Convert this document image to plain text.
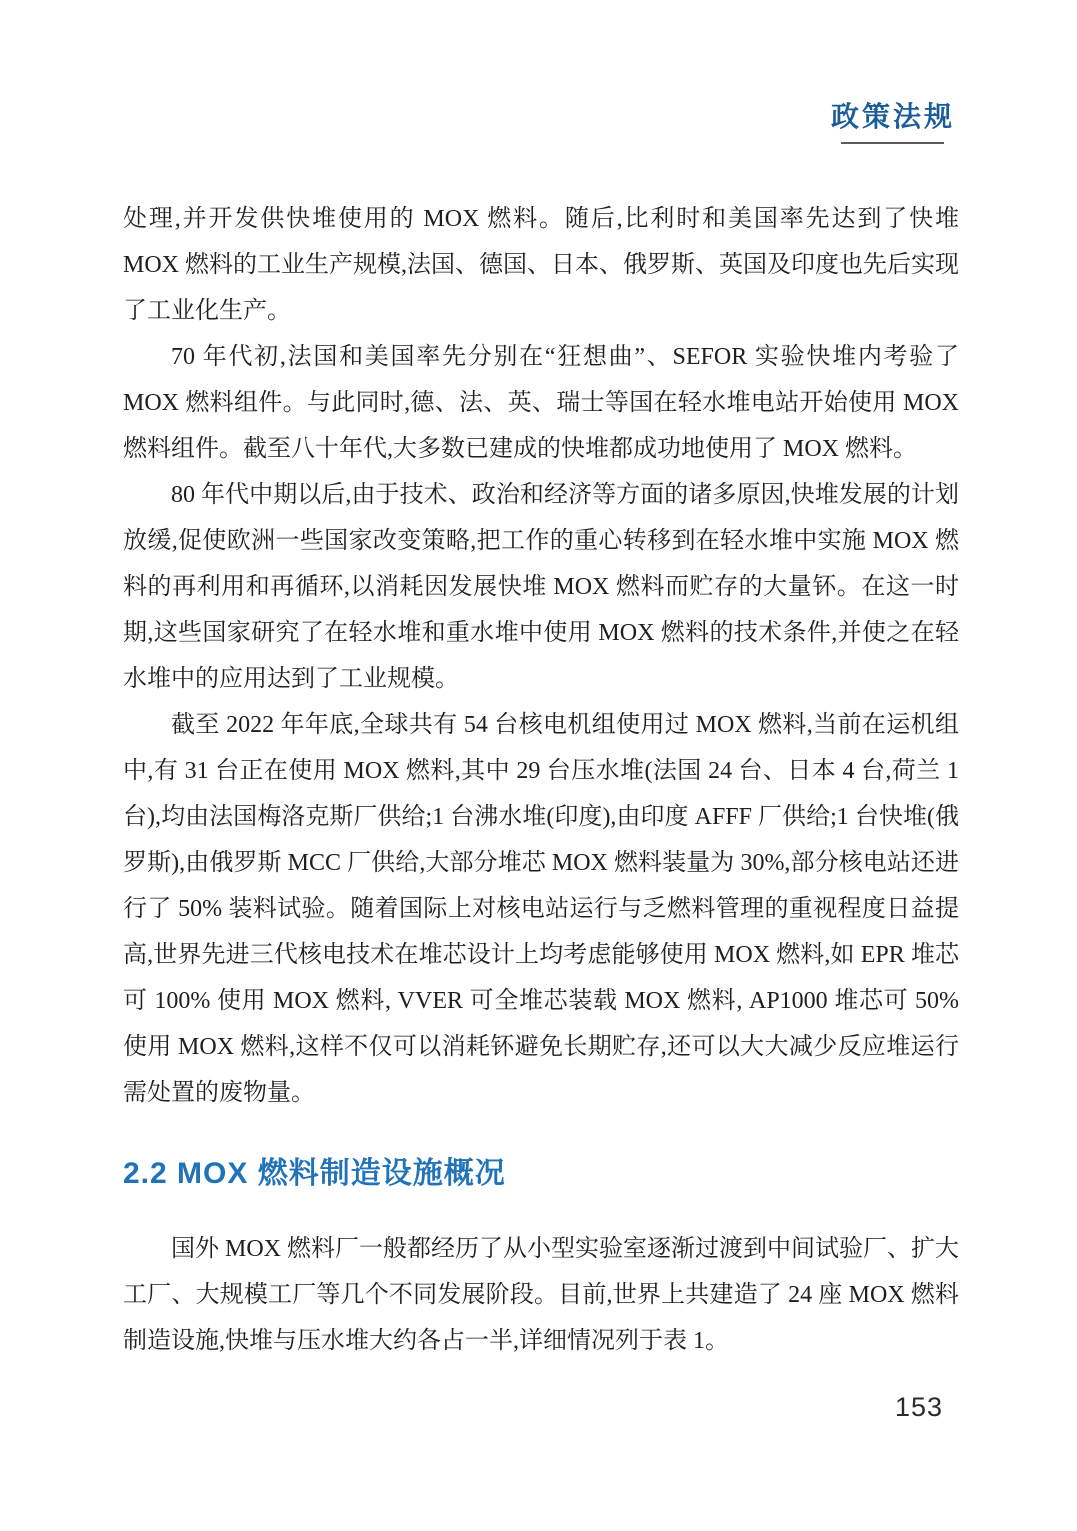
政策法规

处理,并开发供快堆使用的 MOX 燃料。随后,比利时和美国率先达到了快堆 MOX 燃料的工业生产规模,法国、德国、日本、俄罗斯、英国及印度也先后实现了工业化生产。

70 年代初,法国和美国率先分别在“狂想曲”、SEFOR 实验快堆内考验了 MOX 燃料组件。与此同时,德、法、英、瑞士等国在轻水堆电站开始使用 MOX 燃料组件。截至八十年代,大多数已建成的快堆都成功地使用了 MOX 燃料。

80 年代中期以后,由于技术、政治和经济等方面的诸多原因,快堆发展的计划放缓,促使欧洲一些国家改变策略,把工作的重心转移到在轻水堆中实施 MOX 燃料的再利用和再循环,以消耗因发展快堆 MOX 燃料而贮存的大量钚。在这一时期,这些国家研究了在轻水堆和重水堆中使用 MOX 燃料的技术条件,并使之在轻水堆中的应用达到了工业规模。

截至 2022 年年底,全球共有 54 台核电机组使用过 MOX 燃料,当前在运机组中,有 31 台正在使用 MOX 燃料,其中 29 台压水堆(法国 24 台、日本 4 台,荷兰 1 台),均由法国梅洛克斯厂供给;1 台沸水堆(印度),由印度 AFFF 厂供给;1 台快堆(俄罗斯),由俄罗斯 MCC 厂供给,大部分堆芯 MOX 燃料装量为 30%,部分核电站还进行了 50% 装料试验。随着国际上对核电站运行与乏燃料管理的重视程度日益提高,世界先进三代核电技术在堆芯设计上均考虑能够使用 MOX 燃料,如 EPR 堆芯可 100% 使用 MOX 燃料, VVER 可全堆芯装载 MOX 燃料, AP1000 堆芯可 50% 使用 MOX 燃料,这样不仅可以消耗钚避免长期贮存,还可以大大减少反应堆运行需处置的废物量。

2.2 MOX 燃料制造设施概况

国外 MOX 燃料厂一般都经历了从小型实验室逐渐过渡到中间试验厂、扩大工厂、大规模工厂等几个不同发展阶段。目前,世界上共建造了 24 座 MOX 燃料制造设施,快堆与压水堆大约各占一半,详细情况列于表 1。

153
